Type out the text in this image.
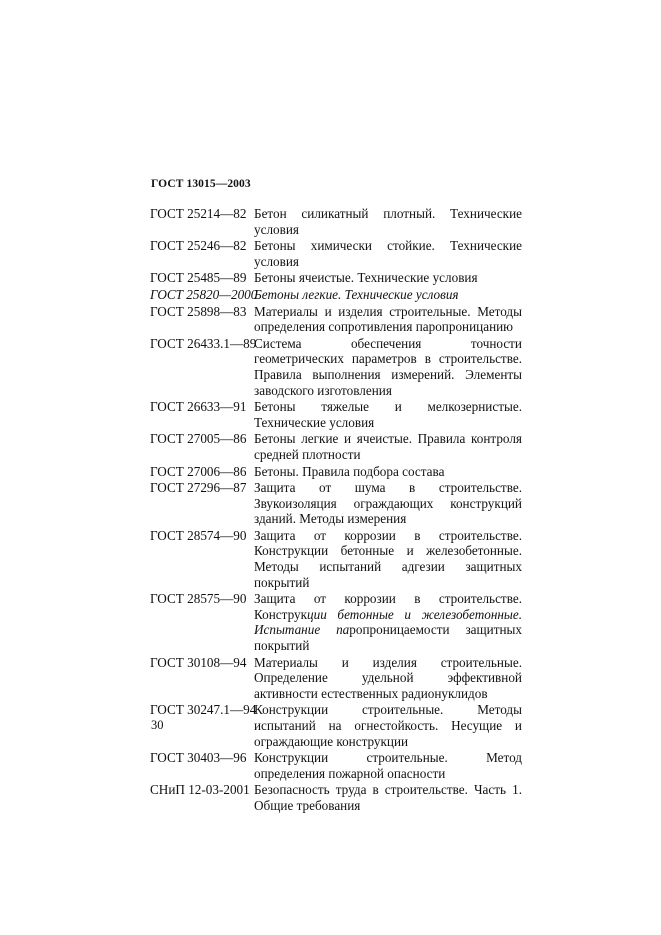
ГОСТ 13015—2003
ГОСТ 25214—82 Бетон силикатный плотный. Технические условия
ГОСТ 25246—82 Бетоны химически стойкие. Технические условия
ГОСТ 25485—89 Бетоны ячеистые. Технические условия
ГОСТ 25820—2000
Бетоны легкие. Технические условия
ГОСТ 25898—83 Материалы и изделия строительные. Методы определения сопротивления паропроницанию
ГОСТ 26433.1—89
Система обеспечения точности геометрических параметров в строительстве. Правила выполнения измерений. Элементы заводского изготовления
ГОСТ 26633—91 Бетоны тяжелые и мелкозернистые. Технические условия
ГОСТ 27005—86 Бетоны легкие и ячеистые. Правила контроля средней плотности
ГОСТ 27006—86 Бетоны. Правила подбора состава
ГОСТ 27296—87 Защита от шума в строительстве. Звукоизоляция ограждающих конструкций зданий. Методы измерения
ГОСТ 28574—90 Защита от коррозии в строительстве. Конструкции бетонные и железобетонные. Методы испытаний адгезии защитных покрытий
ГОСТ 28575—90 Защита от коррозии в строительстве. Конструкции бетонные и железобетонные. Испытание паропроницаемости защитных покрытий
ГОСТ 30108—94 Материалы и изделия строительные. Определение удельной эффективной активности естественных радионуклидов
ГОСТ 30247.1—94
Конструкции строительные. Методы испытаний на огнестойкость. Несущие и ограждающие конструкции
ГОСТ 30403—96 Конструкции строительные. Метод определения пожарной опасности
СНиП 12-03-2001 Безопасность труда в строительстве. Часть 1. Общие требования
30
